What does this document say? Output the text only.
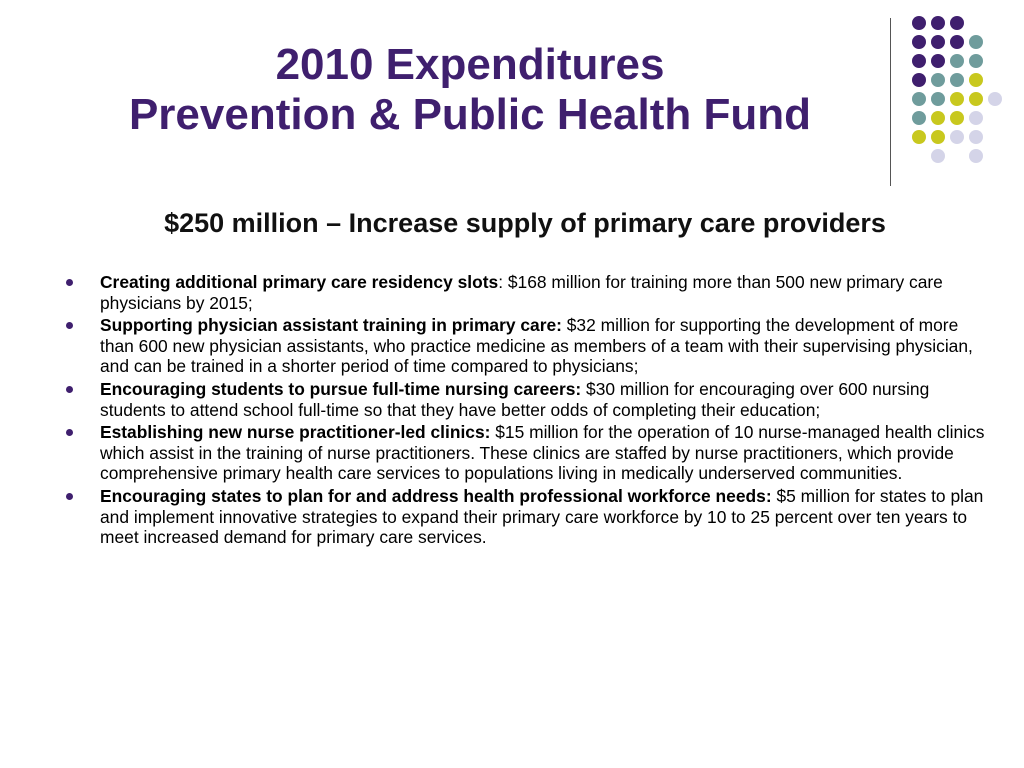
2010 Expenditures
Prevention & Public Health Fund
$250 million – Increase supply of primary care providers
Creating additional primary care residency slots: $168 million for training more than 500 new primary care physicians by 2015;
Supporting physician assistant training in primary care: $32 million for supporting the development of more than 600 new physician assistants, who practice medicine as members of a team with their supervising physician, and can be trained in a shorter period of time compared to physicians;
Encouraging students to pursue full-time nursing careers: $30 million for encouraging over 600 nursing students to attend school full-time so that they have better odds of completing their education;
Establishing new nurse practitioner-led clinics: $15 million for the operation of 10 nurse-managed health clinics which assist in the training of nurse practitioners. These clinics are staffed by nurse practitioners, which provide comprehensive primary health care services to populations living in medically underserved communities.
Encouraging states to plan for and address health professional workforce needs: $5 million for states to plan and implement innovative strategies to expand their primary care workforce by 10 to 25 percent over ten years to meet increased demand for primary care services.
